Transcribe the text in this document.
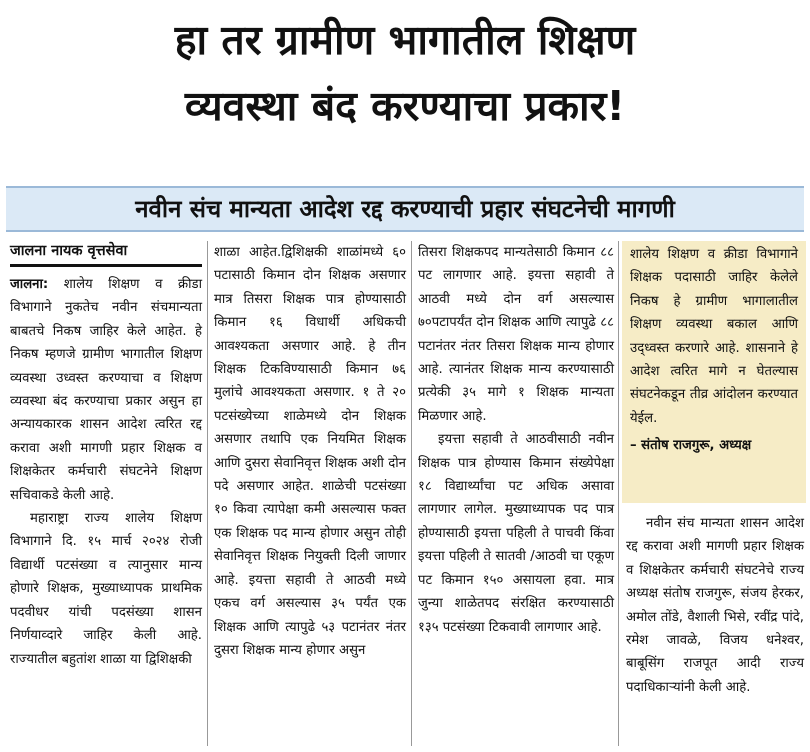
हा तर ग्रामीण भागातील शिक्षण
व्यवस्था बंद करण्याचा प्रकार!
नवीन संच मान्यता आदेश रद्द करण्याची प्रहार संघटनेची मागणी
जालना नायक वृत्तसेवा

जालना: शालेय शिक्षण व क्रीडा विभागाने नुकतेच नवीन संचमान्यता बाबतचे निकष जाहिर केले आहेत. हे निकष म्हणजे ग्रामीण भागातील शिक्षण व्यवस्था उध्वस्त करण्याचा व शिक्षण व्यवस्था बंद करण्याचा प्रकार असुन हा अन्यायकारक शासन आदेश त्वरित रद्द करावा अशी मागणी प्रहार शिक्षक व शिक्षकेतर कर्मचारी संघटनेने शिक्षण सचिवाकडे केली आहे.

महाराष्ट्रा राज्य शालेय शिक्षण विभागाने दि. १५ मार्च २०२४ रोजी विद्यार्थी पटसंख्या व त्यानुसार मान्य होणारे शिक्षक, मुख्याध्यापक प्राथमिक पदवीधर यांची पदसंख्या शासन निर्णयाव्दारे जाहिर केली आहे. राज्यातील बहुतांश शाळा या द्विशिक्षकी

शाळा आहेत.द्विशिक्षकी शाळांमध्ये ६० पटासाठी किमान दोन शिक्षक असणार मात्र तिसरा शिक्षक पात्र होण्यासाठी किमान १६ विधार्थी अधिकची आवश्यकता असणार आहे. हे तीन शिक्षक टिकविण्यासाठी किमान ७६ मुलांचे आवश्यकता असणार. १ ते २० पटसंख्येच्या शाळेमध्ये दोन शिक्षक असणार तथापि एक नियमित शिक्षक आणि दुसरा सेवानिवृत्त शिक्षक अशी दोन पदे असणार आहेत. शाळेची पटसंख्या १० किवा त्यापेक्षा कमी असल्यास फक्त एक शिक्षक पद मान्य होणार असुन तोही सेवानिवृत्त शिक्षक नियुक्ती दिली जाणार आहे. इयत्ता सहावी ते आठवी मध्ये एकच वर्ग असल्यास ३५ पर्यंत एक शिक्षक आणि त्यापुढे ५३ पटानंतर नंतर दुसरा शिक्षक मान्य होणार असुन

तिसरा शिक्षकपद मान्यतेसाठी किमान ८८ पट लागणार आहे. इयत्ता सहावी ते आठवी मध्ये दोन वर्ग असल्यास ७०पटापर्यंत दोन शिक्षक आणि त्यापुढे ८८ पटानंतर नंतर तिसरा शिक्षक मान्य होणार आहे. त्यानंतर शिक्षक मान्य करण्यासाठी प्रत्येकी ३५ मागे १ शिक्षक मान्यता मिळणार आहे.

इयत्ता सहावी ते आठवीसाठी नवीन शिक्षक पात्र होण्यास किमान संख्येपेक्षा १८ विद्यार्थ्यांचा पट अधिक असावा लागणार लागेल. मुख्याध्यापक पद पात्र होण्यासाठी इयत्ता पहिली ते पाचवी किंवा इयत्ता पहिली ते सातवी /आठवी चा एकूण पट किमान १५० असायला हवा. मात्र जुन्या शाळेतपद संरक्षित करण्यासाठी १३५ पटसंख्या टिकवावी लागणार आहे.

शालेय शिक्षण व क्रीडा विभागाने शिक्षक पदासाठी जाहिर केलेले निकष हे ग्रामीण भागालातील शिक्षण व्यवस्था बकाल आणि उद्ध्वस्त करणारे आहे. शासनाने हे आदेश त्वरित मागे न घेतल्यास संघटनेकडून तीव्र आंदोलन करण्यात येईल.
– संतोष राजगुरू, अध्यक्ष
नवीन संच मान्यता शासन आदेश रद्द करावा अशी मागणी प्रहार शिक्षक व शिक्षकेतर कर्मचारी संघटनेचे राज्य अध्यक्ष संतोष राजगुरू, संजय हेरकर, अमोल तोंडे, वैशाली भिसे, रवींद्र पांदे, रमेश जावळे, विजय धनेश्वर, बाबूसिंग राजपूत आदी राज्य पदाधिकाऱ्यांनी केली आहे.
